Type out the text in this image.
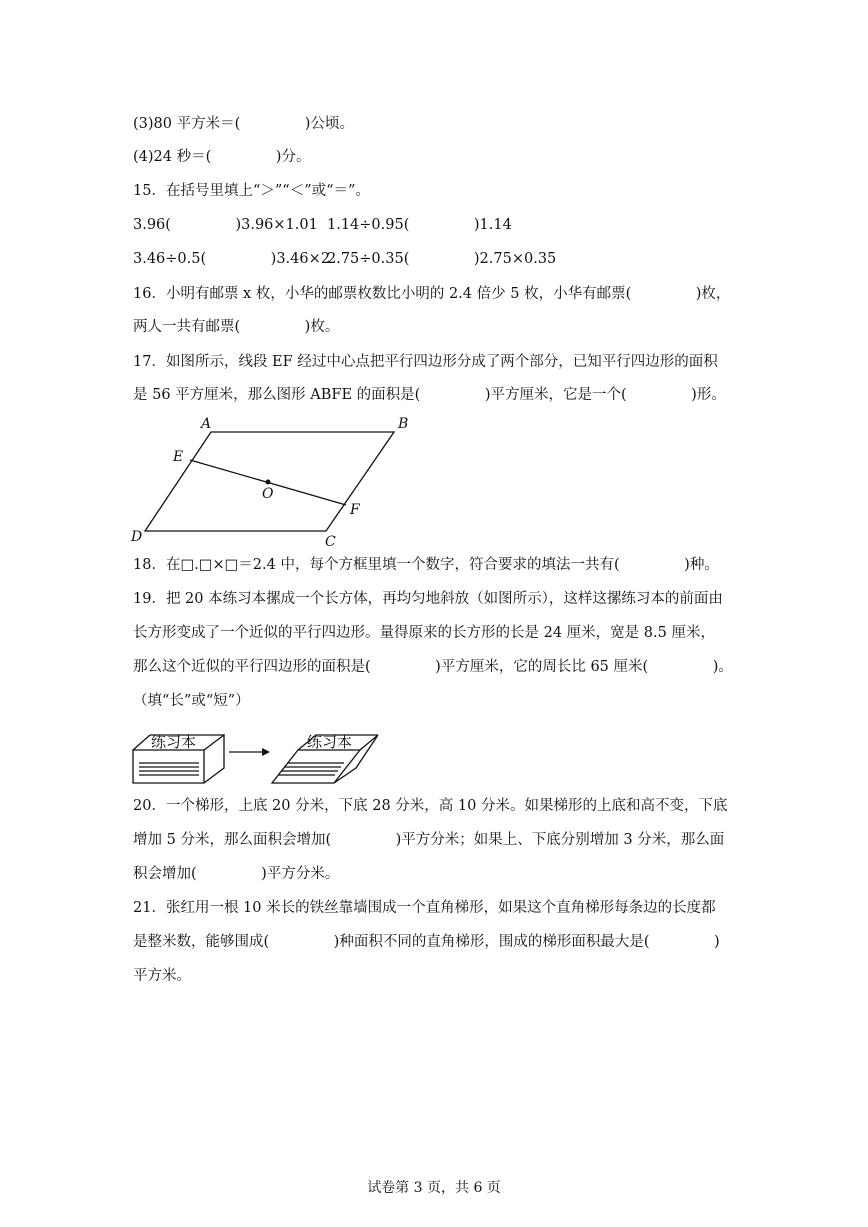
(3)80 平方米＝(              )公顷。
(4)24 秒＝(              )分。
15．在括号里填上“＞”“＜”或“＝”。
3.96(              )3.96×1.01 1.14÷0.95(              )1.14
3.46÷0.5(              )3.46×2
2.75÷0.35(              )2.75×0.35
16．小明有邮票 x 枚，小华的邮票枚数比小明的 2.4 倍少 5 枚，小华有邮票(              )枚，
两人一共有邮票(              )枚。
17．如图所示，线段 EF 经过中心点把平行四边形分成了两个部分，已知平行四边形的面积
是 56 平方厘米，那么图形 ABFE 的面积是(              )平方厘米，它是一个(              )形。
A	B
C
D
E
F
O
18．在□.□×□＝2.4 中，每个方框里填一个数字，符合要求的填法一共有(              )种。
19．把 20 本练习本摞成一个长方体，再均匀地斜放（如图所示），这样这摞练习本的前面由
长方形变成了一个近似的平行四边形。量得原来的长方形的长是 24 厘米，宽是 8.5 厘米，
那么这个近似的平行四边形的面积是(              )平方厘米，它的周长比 65 厘米(              )。
（填“长”或“短”）
练习本	练习本
20．一个梯形，上底 20 分米，下底 28 分米，高 10 分米。如果梯形的上底和高不变，下底
增加 5 分米，那么面积会增加(              )平方分米；如果上、下底分别增加 3 分米，那么面
积会增加(              )平方分米。
21．张红用一根 10 米长的铁丝靠墙围成一个直角梯形，如果这个直角梯形每条边的长度都
是整米数，能够围成(              )种面积不同的直角梯形，围成的梯形面积最大是(              )
平方米。
试卷第 3 页，共 6 页
